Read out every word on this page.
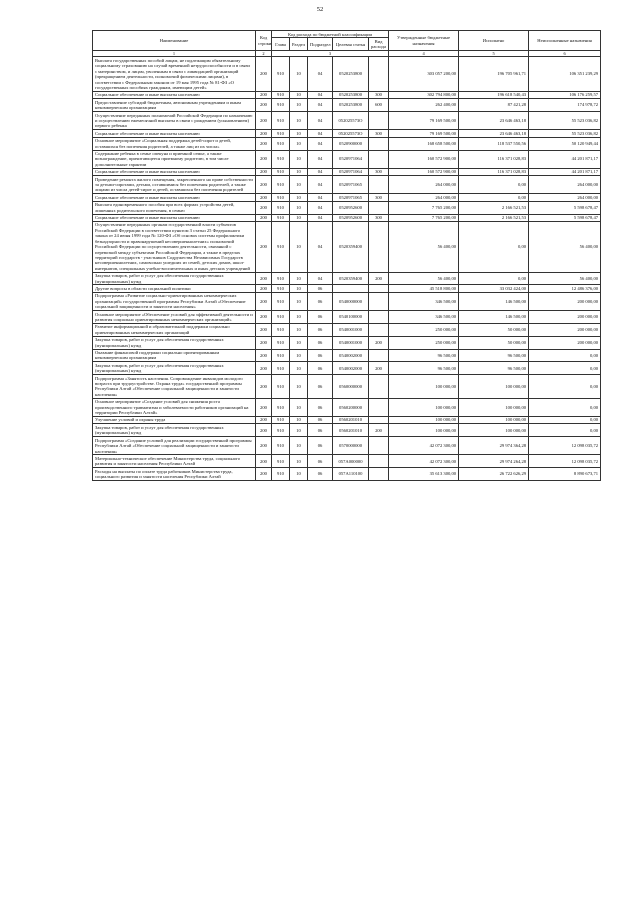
52
Наименование	Код строки	Код расхода по бюджетной классификации					Утвержденные бюджетные назначения	Исполнено	Неисполненные назначения
		Глава	Раздел	Подраздел	Целевая статья	Вид расхода			
1	2	3					4	5	6
Выплата государственных пособий лицам, не подлежащим обязательному социальному страхованию на случай временной нетрудоспособности и в связи с материнством, и лицам, уволенным в связи с ликвидацией организаций (прекращением деятельности, полномочий физическими лицами), в соответствии с Федеральным законом от 19 мая 1995 года № 81-ФЗ «О государственных пособиях гражданам, имеющим детей»	200	910	10	04	0520253800		303 057 200,00	196 705 961,71	106 351 239,29
Социальное обеспечение и иные выплаты населению	200	910	10	04	0520253800	300	302 794 800,00	196 618 540,43	106 176 259,57
Предоставление субсидий бюджетным, автономным учреждениям и иным некоммерческим организациям	200	910	10	04	0520253800	600	262 400,00	87 421,28	174 978,72
Осуществление переданных полномочий Российской Федерации по назначению и осуществлению ежемесячной выплаты в связи с рождением (усыновлением) первого ребенка	200	910	10	04	052025573О		79 169 500,00	23 646 463,18	55 523 036,82
Социальное обеспечение и иные выплаты населению	200	910	10	04	052025573О	300	79 169 500,00	23 646 463,18	55 523 036,82
Основное мероприятие «Социальная поддержка детей-сирот и детей, оставшихся без попечения родителей, а также лиц из их числа»	200	910	10	04	0520900000		168 658 500,00	118 537 550,56	50 120 949,44
Содержание ребенка в семье опекуна и приемной семье, а также вознаграждение, причитающееся приемному родителю, в том числе дополнительные гарантии	200	910	10	04	0520971064		160 572 900,00	116 371 028,83	44 201 871,17
Социальное обеспечение и иные выплаты населению	200	910	10	04	0520971064	300	160 572 900,00	116 371 028,83	44 201 871,17
Проведение ремонта жилого помещения, закрепленного на праве собственности за детьми-сиротами, детьми, оставшимися без попечения родителей, а также лицами из числа детей-сирот и детей, оставшихся без попечения родителей	200	910	10	04	0520971065		264 000,00	0,00	264 000,00
Социальное обеспечение и иные выплаты населению	200	910	10	04	0520971065	300	264 000,00	0,00	264 000,00
Выплата единовременного пособия при всех формах устройства детей, лишенных родительского попечения, в семью	200	910	10	04	0520952600		7 765 200,00	2 166 521,53	5 598 678,47
Социальное обеспечение и иные выплаты населению	200	910	10	04	0520952600	300	7 765 200,00	2 166 521,53	5 598 678,47
Осуществление переданных органам государственной власти субъектов Российской Федерации в соответствии пунктом 3 статьи 25 Федерального закона от 24 июня 1999 года № 120-ФЗ «Об основах системы профилактики безнадзорности и правонарушений несовершеннолетних» полномочий Российской Федерации по осуществлению деятельности, связанной с перевозкой между субъектами Российской Федерации, а также в пределах территорий государств - участников Содружества Независимых Государств несовершеннолетних, самовольно ушедших из семей, детских домов, школ-интернатов, специальных учебно-воспитательных и иных детских учреждений	200	910	10	04	0520359400		56 400,00	0,00	56 400,00
Закупка товаров, работ и услуг для обеспечения государственных (муниципальных) нужд	200	910	10	04	0520359400	200	56 400,00	0,00	56 400,00
Другие вопросы в области социальной политики	200	910	10	06			45 518 800,00	33 032 424,00	12 486 376,00
Подпрограмма «Развитие социально-ориентированных некоммерческих организаций» государственной программы Республики Алтай «Обеспечение социальной защищенности и занятости населения»	200	910	10	06	0540000000		346 500,00	146 500,00	200 000,00
Основное мероприятие «Обеспечение условий для эффективной деятельности и развития социально ориентированных некоммерческих организаций»	200	910	10	06	0540100000		346 500,00	146 500,00	200 000,00
Развитие информационной и образовательной поддержки социально ориентированных некоммерческих организаций	200	910	10	06	0540001000		250 000,00	50 000,00	200 000,00
Закупка товаров, работ и услуг для обеспечения государственных (муниципальных) нужд	200	910	10	06	0540001000	200	250 000,00	50 000,00	200 000,00
Оказание финансовой поддержки социально ориентированным некоммерческим организациям	200	910	10	06	0540002000		96 500,00	96 500,00	0,00
Закупка товаров, работ и услуг для обеспечения государственных (муниципальных) нужд	200	910	10	06	0540002000	200	96 500,00	96 500,00	0,00
Подпрограмма «Занятость населения. Сопровождение инвалидов молодого возраста при трудоустройстве. Охрана труда» государственной программы Республики Алтай «Обеспечение социальной защищенности и занятости населения»	200	910	10	06	0560000000		100 000,00	100 000,00	0,00
Основное мероприятие «Создание условий для снижения роста производственного травматизма и заболеваемости работников организаций на территории Республики Алтай»	200	910	10	06	0560200000		100 000,00	100 000,00	0,00
Улучшение условий и охраны труда	200	910	10	06	0560201010		100 000,00	100 000,00	0,00
Закупка товаров, работ и услуг для обеспечения государственных (муниципальных) нужд	200	910	10	06	0560201010	200	100 000,00	100 000,00	0,00
Подпрограмма «Создание условий для реализации государственной программы Республики Алтай «Обеспечение социальной защищенности и занятости населения»	200	910	10	06	0570000000		42 072 300,00	29 974 364,28	12 098 035,72
Материально-техническое обеспечение Министерства труда, социального развития и занятости населения Республики Алтай	200	910	10	06	057А000000		42 072 300,00	29 974 264,28	12 098 035,72
Расходы на выплаты по оплате труда работников Министерства труда, социального развития и занятости населения Республики Алтай	200	910	10	06	057А110100		35 613 300,00	26 722 626,29	8 890 673,71
